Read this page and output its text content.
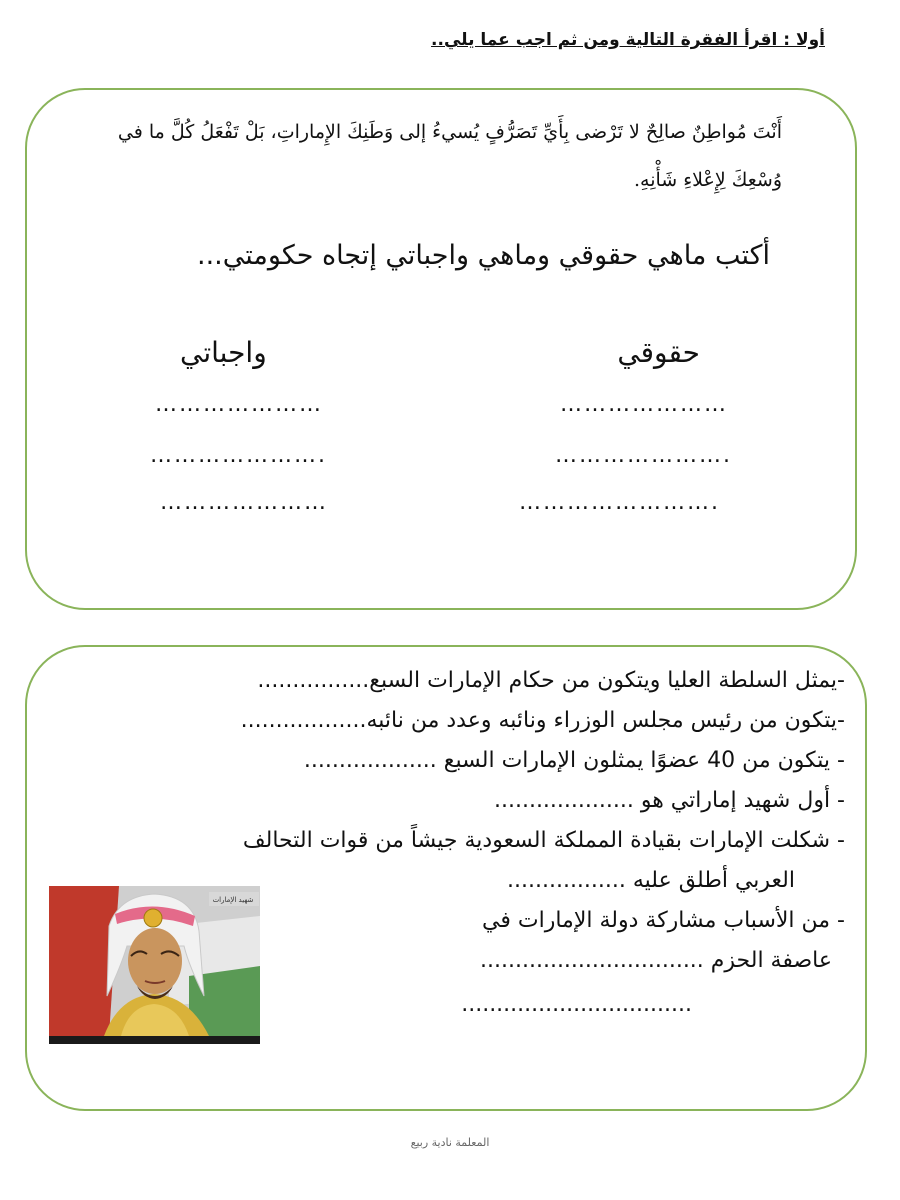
أولا : اقرأ الفقرة التالية ومن ثم اجب عما يلي..
أَنْتَ مُواطِنٌ صالِحٌ لا تَرْضى بِأَيِّ تَصَرُّفٍ يُسيءُ إلى وَطَنِكَ الإِماراتِ، بَلْ تَفْعَلُ كُلَّ ما في وُسْعِكَ لِإِعْلاءِ شَأْنِهِ.
أكتب ماهي حقوقي وماهي واجباتي إتجاه حكومتي...
حقوقي
واجباتي
…………………
………………….
…………………….
…………………
………………….
…………………
-يمثل السلطة العليا ويتكون من حكام الإمارات السبع................
-يتكون من رئيس مجلس الوزراء ونائبه وعدد من نائبه..................
- يتكون من 40 عضوًا يمثلون الإمارات السبع ...................
- أول شهيد إماراتي هو ....................
- شكلت الإمارات بقيادة المملكة السعودية جيشاً من قوات التحالف
العربي أطلق عليه .................
- من الأسباب مشاركة دولة الإمارات في
عاصفة الحزم ................................
.................................
شهيد الإمارات
المعلمة نادية ربيع
